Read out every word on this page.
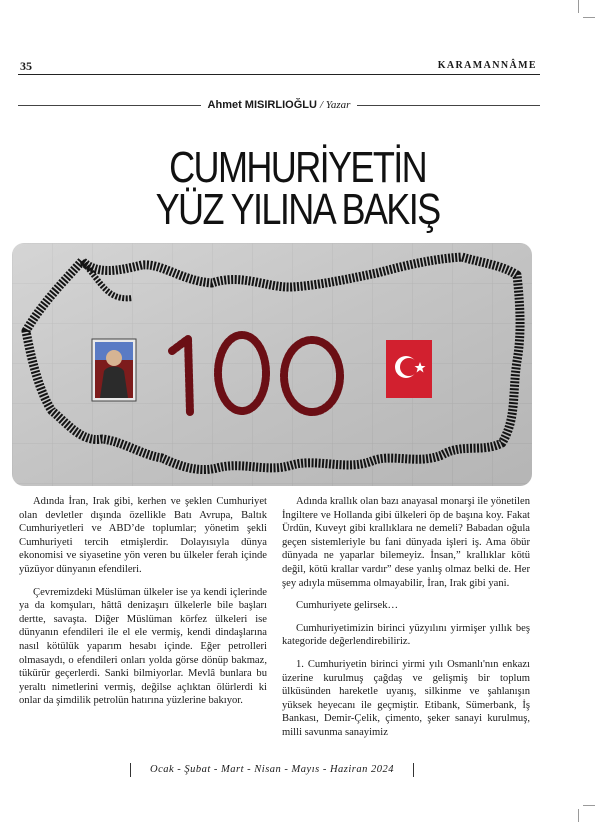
35	KARAMANNÂME
Ahmet MISIRLIOĞLU / Yazar
CUMHURİYETİN
YÜZ YILINA BAKIŞ

Adında İran, Irak gibi, kerhen ve şeklen Cumhuriyet olan devletler dışında özellikle Batı Avrupa, Baltık Cumhuriyetleri ve ABD’de toplumlar; yönetim şekli Cumhuriyeti tercih etmişlerdir. Dolayısıyla dünya ekonomisi ve siyasetine yön veren bu ülkeler ferah içinde yüzüyor dünyanın efendileri.

Çevremizdeki Müslüman ülkeler ise ya kendi içlerinde ya da komşuları, hâttâ denizaşırı ülkelerle bile başları dertte, savaşta. Diğer Müslüman körfez ülkeleri ise dünyanın efendileri ile el ele vermiş, kendi dindaşlarına nasıl kötülük yaparım hesabı içinde. Eğer petrolleri olmasaydı, o efendileri onları yolda görse dönüp bakmaz, tükürür geçerlerdi. Sanki bilmiyorlar. Mevlâ bunlara bu yeraltı nimetlerini vermiş, değilse açlıktan ölürlerdi ki onlar da şimdilik petrolün hatırına yüzlerine bakıyor.

Adında krallık olan bazı anayasal monarşi ile yönetilen İngiltere ve Hollanda gibi ülkeleri öp de başına koy. Fakat Ürdün, Kuveyt gibi krallıklara ne demeli? Babadan oğula geçen sistemleriyle bu fani dünyada işleri iş. Ama öbür dünyada ne yaparlar bilemeyiz. İnsan,” krallıklar kötü değil, kötü krallar vardır” dese yanlış olmaz belki de. Her şey adıyla müsemma olmayabilir, İran, Irak gibi yani.

Cumhuriyete gelirsek…

Cumhuriyetimizin birinci yüzyılını yirmişer yıllık beş kategoride değerlendirebiliriz.

1. Cumhuriyetin birinci yirmi yılı Osmanlı'nın enkazı üzerine kurulmuş çağdaş ve gelişmiş bir toplum ülküsünden hareketle uyanış, silkinme ve şahlanışın yüksek heyecanı ile geçmiştir. Etibank, Sümerbank, İş Bankası, Demir-Çelik, çimento, şeker sanayi kurulmuş, milli savunma sanayimiz

Ocak - Şubat - Mart - Nisan - Mayıs - Haziran 2024
